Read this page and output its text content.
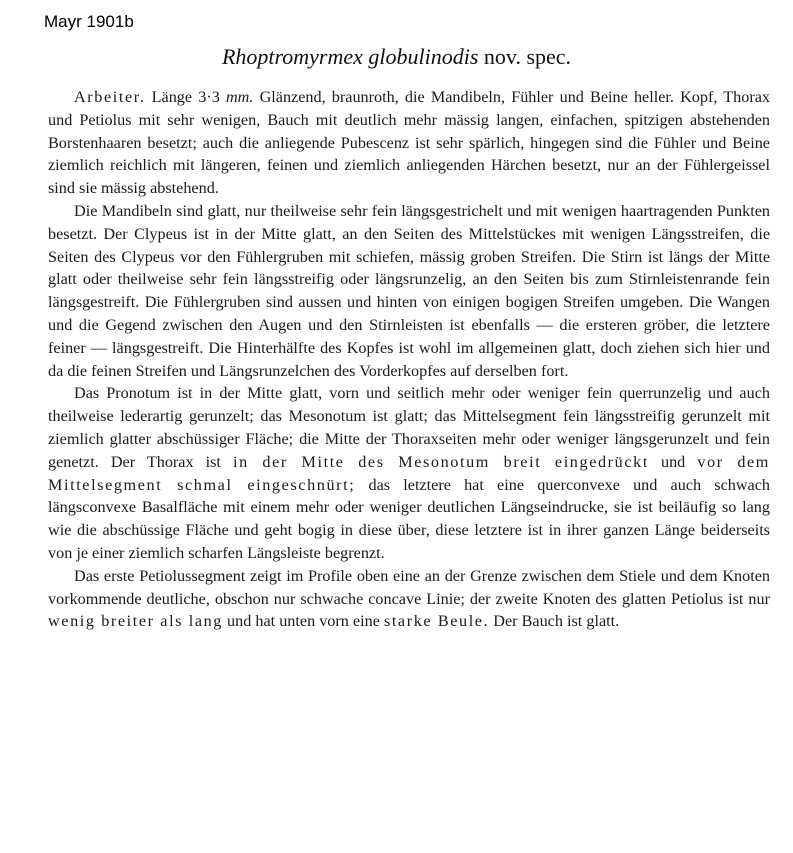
Mayr 1901b
Rhoptromyrmex globulinodis nov. spec.

Arbeiter. Länge 3·3 mm. Glänzend, braunroth, die Mandibeln, Fühler und Beine heller. Kopf, Thorax und Petiolus mit sehr wenigen, Bauch mit deutlich mehr mässig langen, einfachen, spitzigen abstehenden Borstenhaaren besetzt; auch die anliegende Pubescenz ist sehr spärlich, hingegen sind die Fühler und Beine ziemlich reichlich mit längeren, feinen und ziemlich anliegenden Härchen besetzt, nur an der Fühlergeissel sind sie mässig abstehend.

Die Mandibeln sind glatt, nur theilweise sehr fein längsgestrichelt und mit wenigen haartragenden Punkten besetzt. Der Clypeus ist in der Mitte glatt, an den Seiten des Mittelstückes mit wenigen Längsstreifen, die Seiten des Clypeus vor den Fühlergruben mit schiefen, mässig groben Streifen. Die Stirn ist längs der Mitte glatt oder theilweise sehr fein längsstreifig oder längsrunzelig, an den Seiten bis zum Stirnleistenrande fein längsgestreift. Die Fühlergruben sind aussen und hinten von einigen bogigen Streifen umgeben. Die Wangen und die Gegend zwischen den Augen und den Stirnleisten ist ebenfalls — die ersteren gröber, die letztere feiner — längsgestreift. Die Hinterhälfte des Kopfes ist wohl im allgemeinen glatt, doch ziehen sich hier und da die feinen Streifen und Längsrunzelchen des Vorderkopfes auf derselben fort.

Das Pronotum ist in der Mitte glatt, vorn und seitlich mehr oder weniger fein querrunzelig und auch theilweise lederartig gerunzelt; das Mesonotum ist glatt; das Mittelsegment fein längsstreifig gerunzelt mit ziemlich glatter abschüssiger Fläche; die Mitte der Thoraxseiten mehr oder weniger längsgerunzelt und fein genetzt. Der Thorax ist in der Mitte des Mesonotum breit eingedrückt und vor dem Mittelsegment schmal eingeschnürt; das letztere hat eine querconvexe und auch schwach längsconvexe Basalfläche mit einem mehr oder weniger deutlichen Längseindrucke, sie ist beiläufig so lang wie die abschüssige Fläche und geht bogig in diese über, diese letztere ist in ihrer ganzen Länge beiderseits von je einer ziemlich scharfen Längsleiste begrenzt.

Das erste Petiolussegment zeigt im Profile oben eine an der Grenze zwischen dem Stiele und dem Knoten vorkommende deutliche, obschon nur schwache concave Linie; der zweite Knoten des glatten Petiolus ist nur wenig breiter als lang und hat unten vorn eine starke Beule. Der Bauch ist glatt.
